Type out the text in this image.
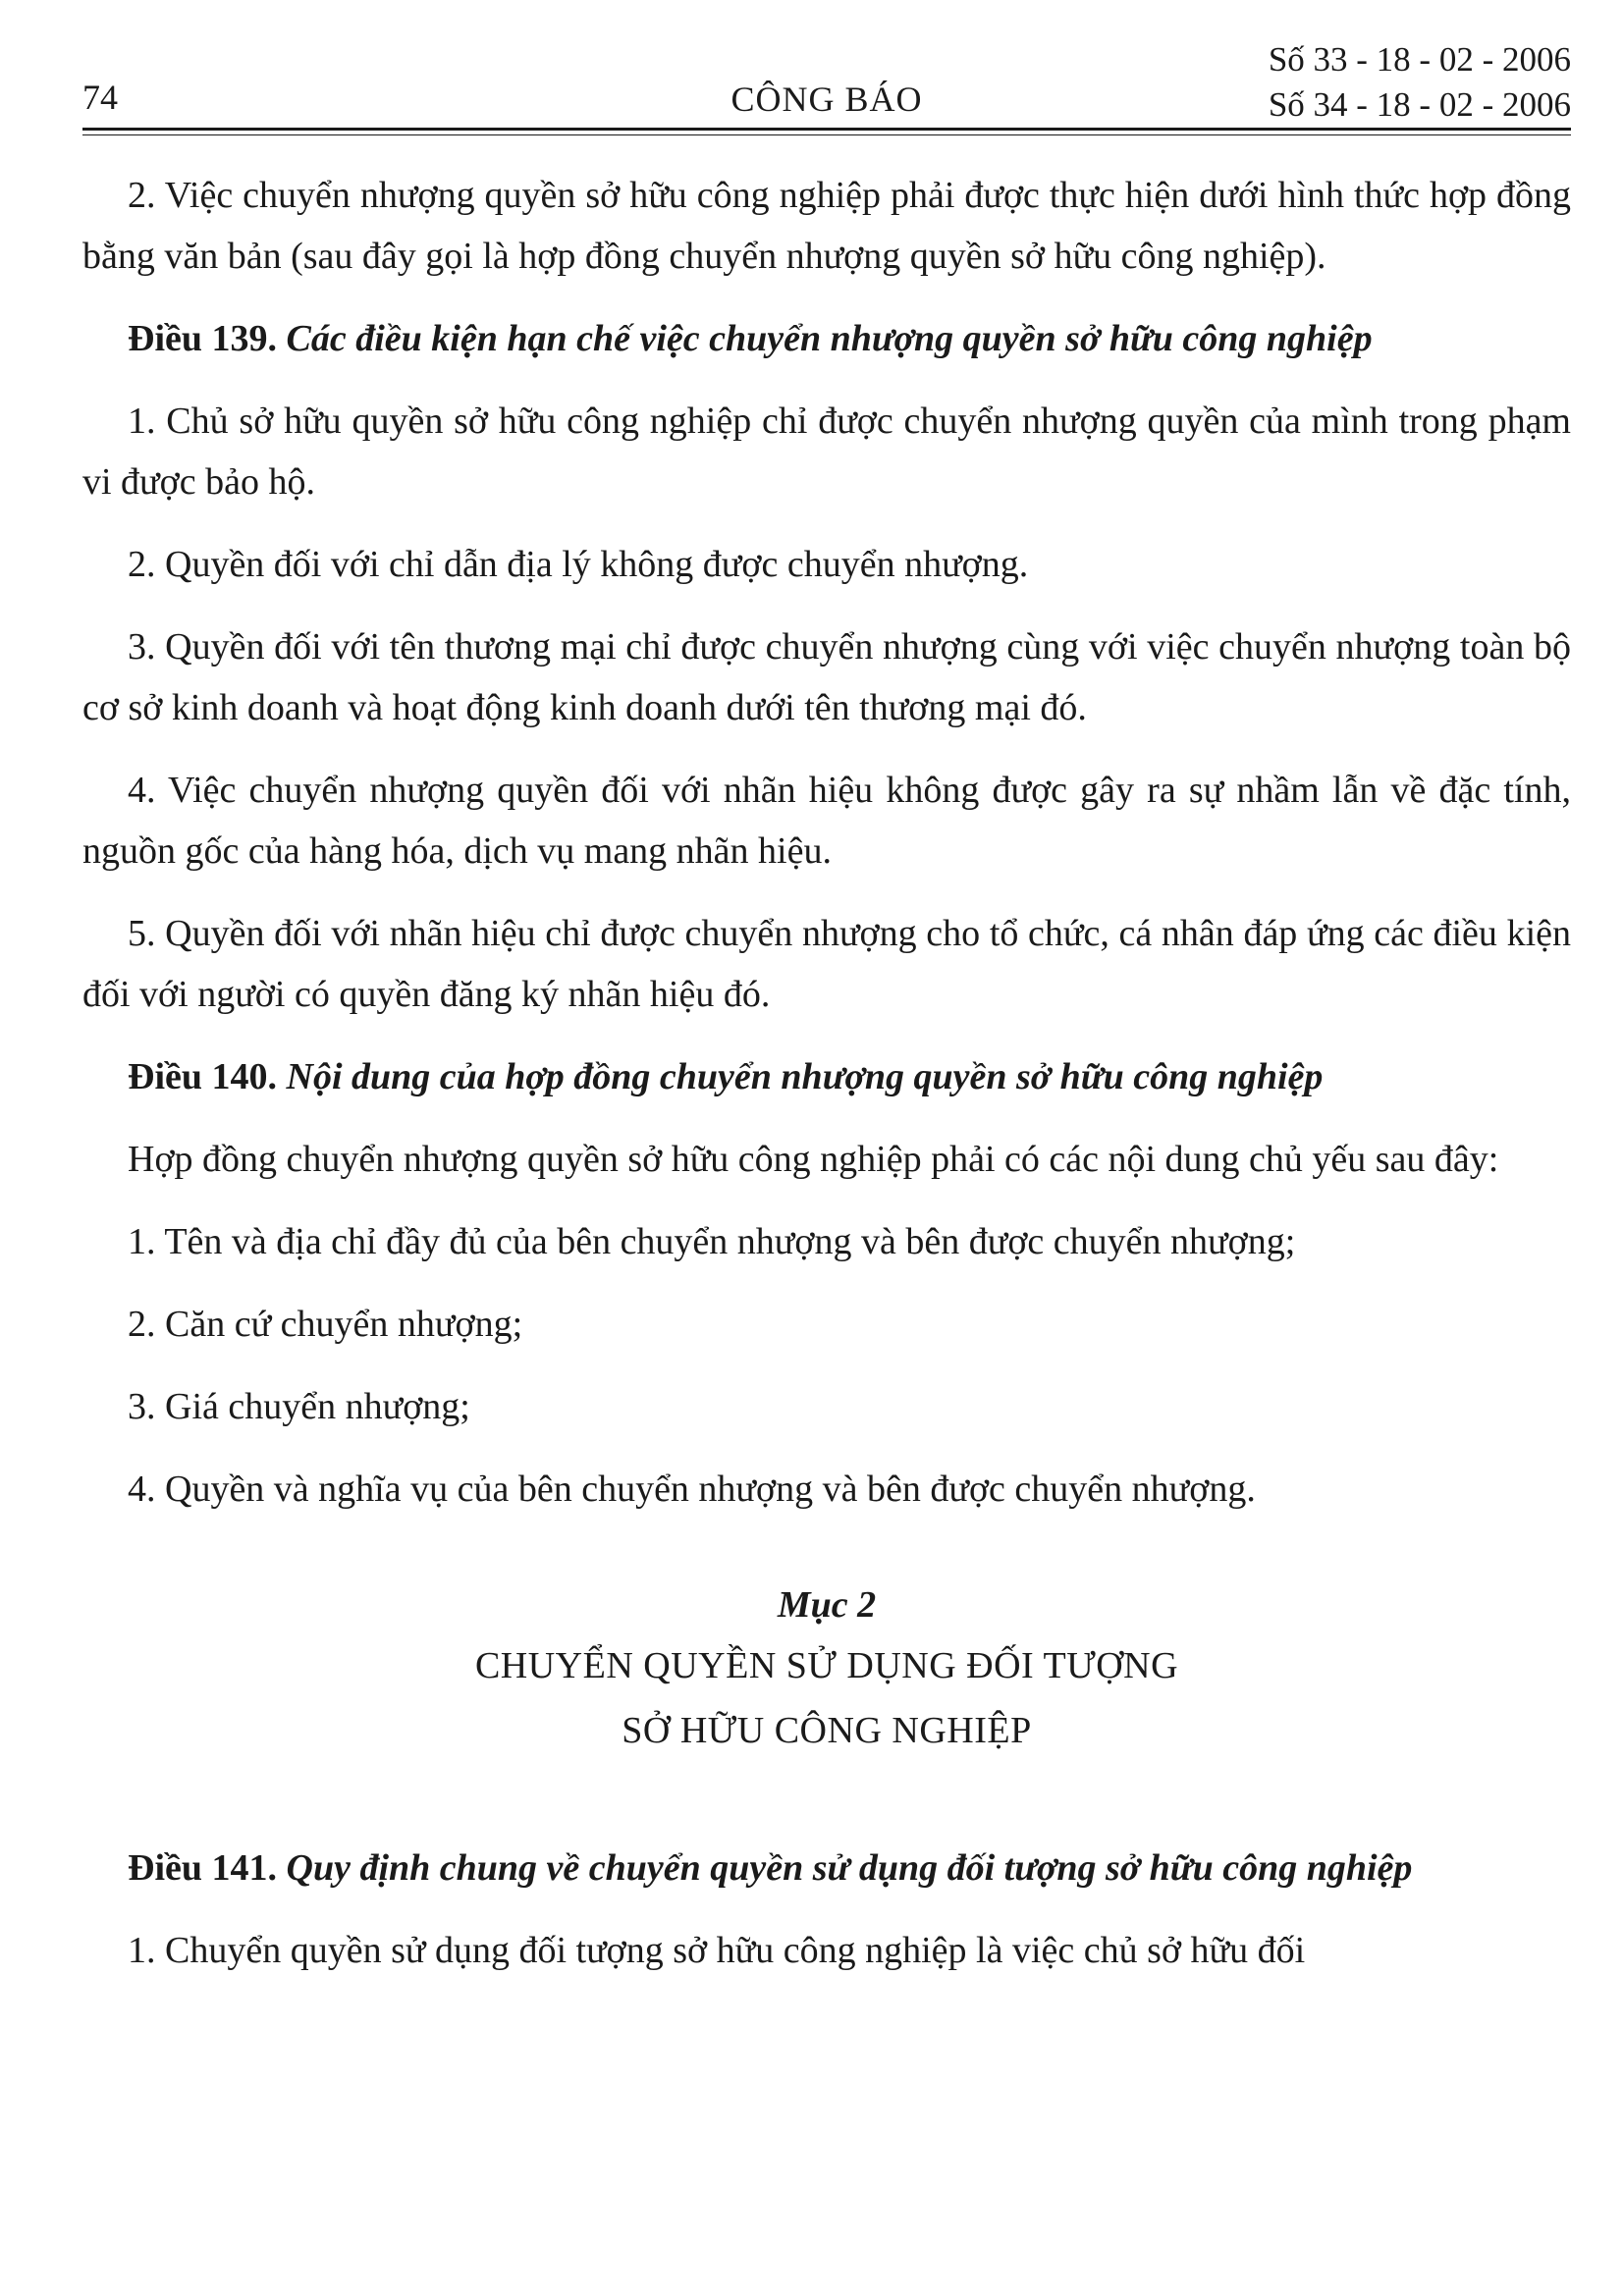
74	CÔNG BÁO
Số 33 - 18 - 02 - 2006
Số 34 - 18 - 02 - 2006

2. Việc chuyển nhượng quyền sở hữu công nghiệp phải được thực hiện dưới hình thức hợp đồng bằng văn bản (sau đây gọi là hợp đồng chuyển nhượng quyền sở hữu công nghiệp).

Điều 139. Các điều kiện hạn chế việc chuyển nhượng quyền sở hữu công nghiệp

1. Chủ sở hữu quyền sở hữu công nghiệp chỉ được chuyển nhượng quyền của mình trong phạm vi được bảo hộ.

2. Quyền đối với chỉ dẫn địa lý không được chuyển nhượng.

3. Quyền đối với tên thương mại chỉ được chuyển nhượng cùng với việc chuyển nhượng toàn bộ cơ sở kinh doanh và hoạt động kinh doanh dưới tên thương mại đó.

4. Việc chuyển nhượng quyền đối với nhãn hiệu không được gây ra sự nhầm lẫn về đặc tính, nguồn gốc của hàng hóa, dịch vụ mang nhãn hiệu.

5. Quyền đối với nhãn hiệu chỉ được chuyển nhượng cho tổ chức, cá nhân đáp ứng các điều kiện đối với người có quyền đăng ký nhãn hiệu đó.

Điều 140. Nội dung của hợp đồng chuyển nhượng quyền sở hữu công nghiệp

Hợp đồng chuyển nhượng quyền sở hữu công nghiệp phải có các nội dung chủ yếu sau đây:

1. Tên và địa chỉ đầy đủ của bên chuyển nhượng và bên được chuyển nhượng;

2. Căn cứ chuyển nhượng;

3. Giá chuyển nhượng;

4. Quyền và nghĩa vụ của bên chuyển nhượng và bên được chuyển nhượng.

Mục 2
CHUYỂN QUYỀN SỬ DỤNG ĐỐI TƯỢNG
SỞ HỮU CÔNG NGHIỆP

Điều 141. Quy định chung về chuyển quyền sử dụng đối tượng sở hữu công nghiệp

1. Chuyển quyền sử dụng đối tượng sở hữu công nghiệp là việc chủ sở hữu đối
